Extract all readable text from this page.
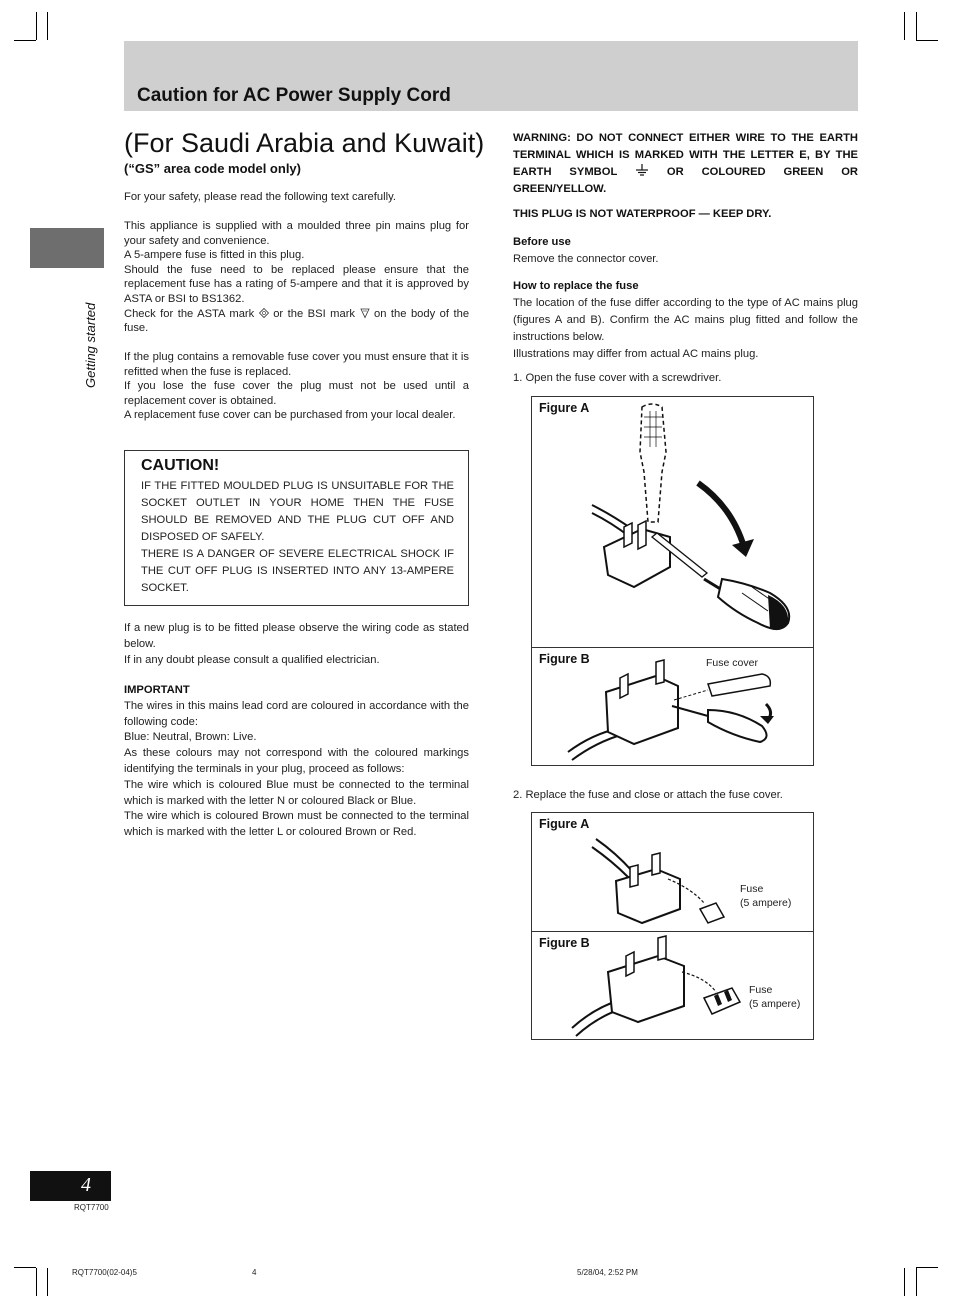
Caution for AC Power Supply Cord
Getting started
(For Saudi Arabia and Kuwait)
(“GS” area code model only)
For your safety, please read the following text carefully.
This appliance is supplied with a moulded three pin mains plug for your safety and convenience.
A 5-ampere fuse is fitted in this plug.
Should the fuse need to be replaced please ensure that the replacement fuse has a rating of 5-ampere and that it is approved by ASTA or BSI to BS1362.
Check for the ASTA mark or the BSI mark on the body of the fuse.
If the plug contains a removable fuse cover you must ensure that it is refitted when the fuse is replaced.
If you lose the fuse cover the plug must not be used until a replacement cover is obtained.
A replacement fuse cover can be purchased from your local dealer.
CAUTION!
IF THE FITTED MOULDED PLUG IS UNSUITABLE FOR THE SOCKET OUTLET IN YOUR HOME THEN THE FUSE SHOULD BE REMOVED AND THE PLUG CUT OFF AND DISPOSED OF SAFELY.
THERE IS A DANGER OF SEVERE ELECTRICAL SHOCK IF THE CUT OFF PLUG IS INSERTED INTO ANY 13-AMPERE SOCKET.
If a new plug is to be fitted please observe the wiring code as stated below.
If in any doubt please consult a qualified electrician.
IMPORTANT
The wires in this mains lead cord are coloured in accordance with the following code:
Blue: Neutral, Brown: Live.
As these colours may not correspond with the coloured markings identifying the terminals in your plug, proceed as follows:
The wire which is coloured Blue must be connected to the terminal which is marked with the letter N or coloured Black or Blue.
The wire which is coloured Brown must be connected to the terminal which is marked with the letter L or coloured Brown or Red.
WARNING: DO NOT CONNECT EITHER WIRE TO THE EARTH TERMINAL WHICH IS MARKED WITH THE LETTER E, BY THE EARTH SYMBOL	OR COLOURED GREEN OR GREEN/YELLOW.
THIS PLUG IS NOT WATERPROOF — KEEP DRY.
Before use
Remove the connector cover.
How to replace the fuse
The location of the fuse differ according to the type of AC mains plug (figures A and B). Confirm the AC mains plug fitted and follow the instructions below.
Illustrations may differ from actual AC mains plug.
1. Open the fuse cover with a screwdriver.
Figure A
Figure B	Fuse cover
2. Replace the fuse and close or attach the fuse cover.
Figure A
Fuse
(5 ampere)
Figure B
Fuse
(5 ampere)
4
RQT7700
RQT7700(02-04)5	4	5/28/04, 2:52 PM
